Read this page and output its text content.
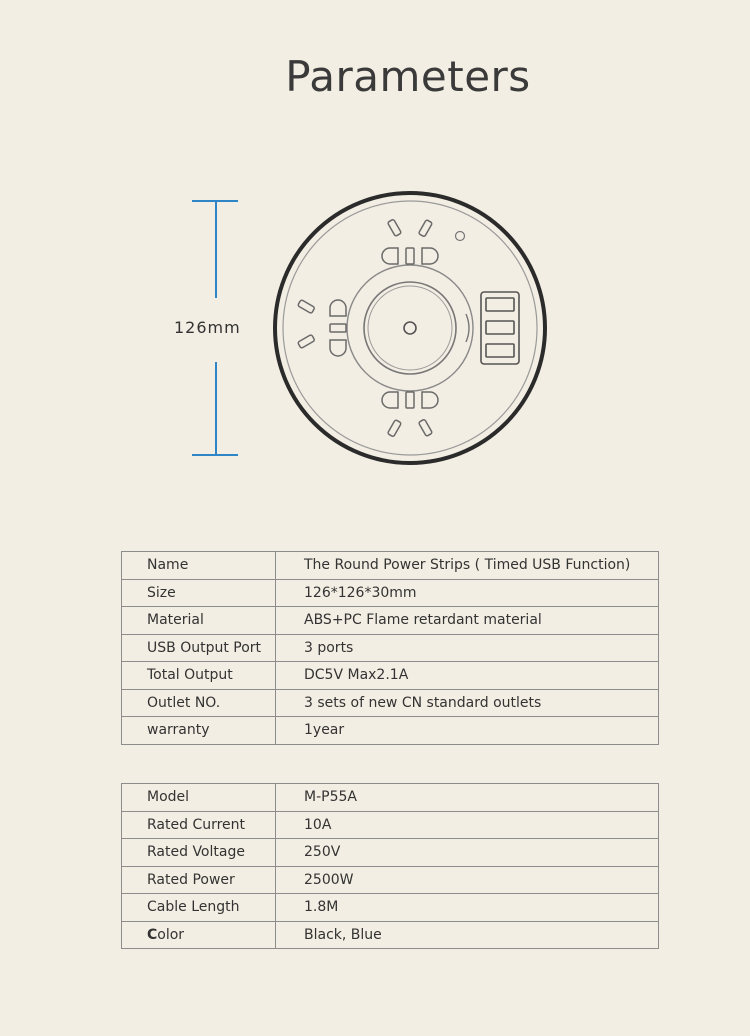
Parameters
126mm
Name	The Round Power Strips ( Timed USB Function)
Size	126*126*30mm
Material	ABS+PC Flame retardant material
USB Output Port	3 ports
Total Output	DC5V Max2.1A
Outlet NO.	3 sets of new CN standard outlets
warranty	1year
Model	M-P55A
Rated Current	10A
Rated Voltage	250V
Rated Power	2500W
Cable Length	1.8M
Color	Black, Blue
